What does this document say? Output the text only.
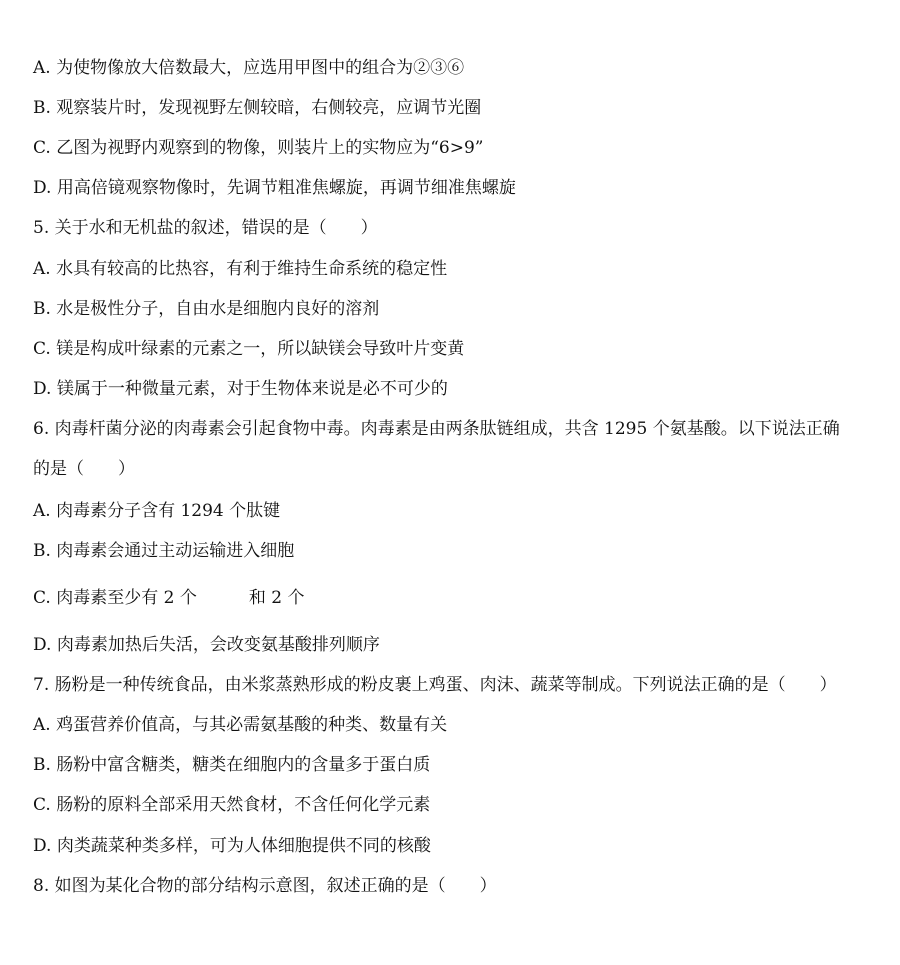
A. 为使物像放大倍数最大，应选用甲图中的组合为②③⑥
B. 观察装片时，发现视野左侧较暗，右侧较亮，应调节光圈
C. 乙图为视野内观察到的物像，则装片上的实物应为“6>9”
D. 用高倍镜观察物像时，先调节粗准焦螺旋，再调节细准焦螺旋
5. 关于水和无机盐的叙述，错误的是（　　）
A. 水具有较高的比热容，有利于维持生命系统的稳定性
B. 水是极性分子，自由水是细胞内良好的溶剂
C. 镁是构成叶绿素的元素之一，所以缺镁会导致叶片变黄
D. 镁属于一种微量元素，对于生物体来说是必不可少的
6. 肉毒杆菌分泌的肉毒素会引起食物中毒。肉毒素是由两条肽链组成，共含 1295 个氨基酸。以下说法正确
的是（　　）
A. 肉毒素分子含有 1294 个肽键
B. 肉毒素会通过主动运输进入细胞
C. 肉毒素至少有 2 个	和 2 个
D. 肉毒素加热后失活，会改变氨基酸排列顺序
7. 肠粉是一种传统食品，由米浆蒸熟形成的粉皮裹上鸡蛋、肉沫、蔬菜等制成。下列说法正确的是（　　）
A. 鸡蛋营养价值高，与其必需氨基酸的种类、数量有关
B. 肠粉中富含糖类，糖类在细胞内的含量多于蛋白质
C. 肠粉的原料全部采用天然食材，不含任何化学元素
D. 肉类蔬菜种类多样，可为人体细胞提供不同的核酸
8. 如图为某化合物的部分结构示意图，叙述正确的是（　　）
